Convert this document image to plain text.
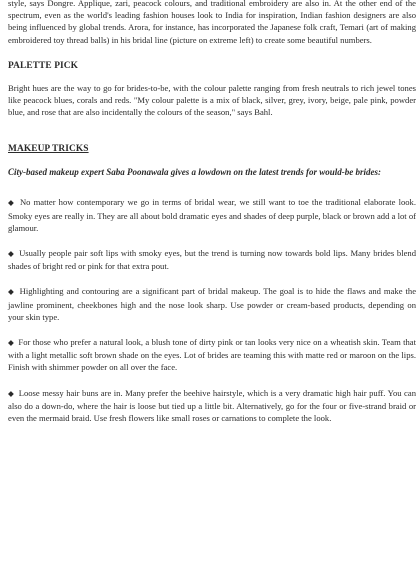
style, says Dongre. Applique, zari, peacock colours, and traditional embroidery are also in. At the other end of the spectrum, even as the world's leading fashion houses look to India for inspiration, Indian fashion designers are also being influenced by global trends. Arora, for instance, has incorporated the Japanese folk craft, Temari (art of making embroidered toy thread balls) in his bridal line (picture on extreme left) to create some beautiful numbers.

PALETTE PICK

Bright hues are the way to go for brides-to-be, with the colour palette ranging from fresh neutrals to rich jewel tones like peacock blues, corals and reds. "My colour palette is a mix of black, silver, grey, ivory, beige, pale pink, powder blue, and rose that are also incidentally the colours of the season," says Bahl.

MAKEUP TRICKS

City-based makeup expert Saba Poonawala gives a lowdown on the latest trends for would-be brides:

◆ No matter how contemporary we go in terms of bridal wear, we still want to toe the traditional elaborate look. Smoky eyes are really in. They are all about bold dramatic eyes and shades of deep purple, black or brown add a lot of glamour.

◆ Usually people pair soft lips with smoky eyes, but the trend is turning now towards bold lips. Many brides blend shades of bright red or pink for that extra pout.

◆ Highlighting and contouring are a significant part of bridal makeup. The goal is to hide the flaws and make the jawline prominent, cheekbones high and the nose look sharp. Use powder or cream-based products, depending on your skin type.

◆ For those who prefer a natural look, a blush tone of dirty pink or tan looks very nice on a wheatish skin. Team that with a light metallic soft brown shade on the eyes. Lot of brides are teaming this with matte red or maroon on the lips. Finish with shimmer powder on all over the face.

◆ Loose messy hair buns are in. Many prefer the beehive hairstyle, which is a very dramatic high hair puff. You can also do a down-do, where the hair is loose but tied up a little bit. Alternatively, go for the four or five-strand braid or even the mermaid braid. Use fresh flowers like small roses or carnations to complete the look.
